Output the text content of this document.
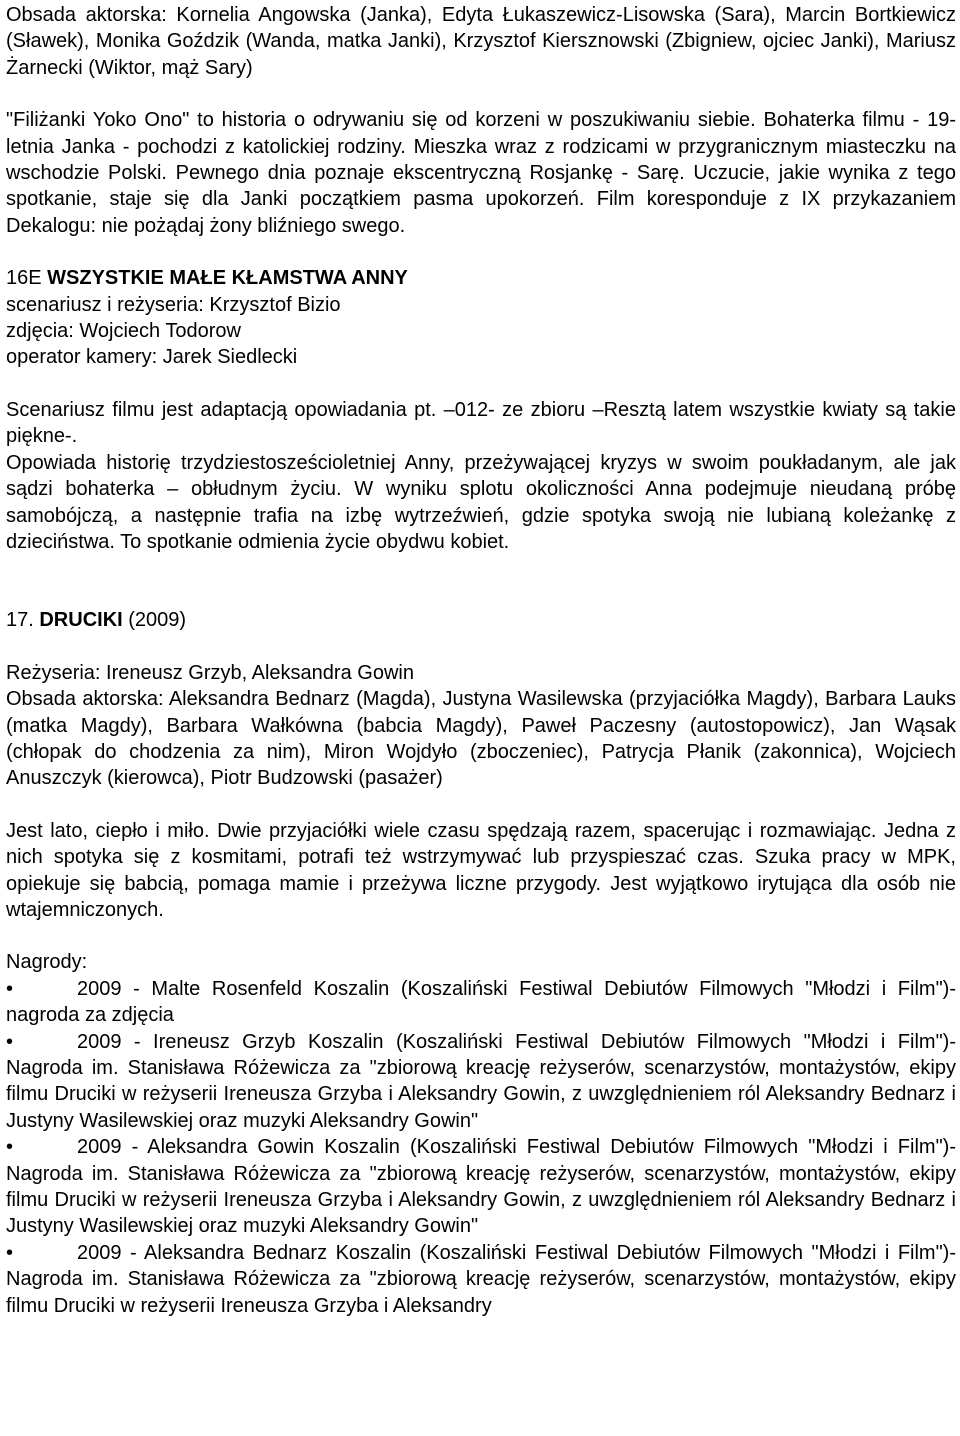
Obsada aktorska: Kornelia Angowska (Janka), Edyta Łukaszewicz-Lisowska (Sara), Marcin Bortkiewicz (Sławek), Monika Goździk (Wanda, matka Janki), Krzysztof Kiersznowski (Zbigniew, ojciec Janki), Mariusz Żarnecki (Wiktor, mąż Sary)

"Filiżanki Yoko Ono" to historia o odrywaniu się od korzeni w poszukiwaniu siebie. Bohaterka filmu - 19-letnia Janka - pochodzi z katolickiej rodziny. Mieszka wraz z rodzicami w przygranicznym miasteczku na wschodzie Polski. Pewnego dnia poznaje ekscentryczną Rosjankę - Sarę. Uczucie, jakie wynika z tego spotkanie, staje się dla Janki początkiem pasma upokorzeń. Film koresponduje z IX przykazaniem Dekalogu: nie pożądaj żony bliźniego swego.

16E WSZYSTKIE MAŁE KŁAMSTWA ANNY

scenariusz i reżyseria: Krzysztof Bizio

zdjęcia: Wojciech Todorow

operator kamery: Jarek Siedlecki

Scenariusz filmu jest adaptacją opowiadania pt. –012- ze zbioru –Resztą latem wszystkie kwiaty są takie piękne-.

Opowiada historię trzydziestosześcioletniej Anny, przeżywającej kryzys w swoim poukładanym, ale jak sądzi bohaterka – obłudnym życiu. W wyniku splotu okoliczności Anna podejmuje nieudaną próbę samobójczą, a następnie trafia na izbę wytrzeźwień, gdzie spotyka swoją nie lubianą koleżankę z dzieciństwa. To spotkanie odmienia życie obydwu kobiet.

17. DRUCIKI (2009)

Reżyseria: Ireneusz Grzyb, Aleksandra Gowin

Obsada aktorska: Aleksandra Bednarz (Magda), Justyna Wasilewska (przyjaciółka Magdy), Barbara Lauks (matka Magdy), Barbara Wałkówna (babcia Magdy), Paweł Paczesny (autostopowicz), Jan Wąsak (chłopak do chodzenia za nim), Miron Wojdyło (zboczeniec), Patrycja Płanik (zakonnica), Wojciech Anuszczyk (kierowca), Piotr Budzowski (pasażer)

Jest lato, ciepło i miło. Dwie przyjaciółki wiele czasu spędzają razem, spacerując i rozmawiając. Jedna z nich spotyka się z kosmitami, potrafi też wstrzymywać lub przyspieszać czas. Szuka pracy w MPK, opiekuje się babcią, pomaga mamie i przeżywa liczne przygody. Jest wyjątkowo irytująca dla osób nie wtajemniczonych.

Nagrody:

•	2009 - Malte Rosenfeld Koszalin (Koszaliński Festiwal Debiutów Filmowych "Młodzi i Film")-nagroda za zdjęcia

•	2009 - Ireneusz Grzyb Koszalin (Koszaliński Festiwal Debiutów Filmowych "Młodzi i Film")-Nagroda im. Stanisława Różewicza za "zbiorową kreację reżyserów, scenarzystów, montażystów, ekipy filmu Druciki w reżyserii Ireneusza Grzyba i Aleksandry Gowin, z uwzględnieniem ról Aleksandry Bednarz i Justyny Wasilewskiej oraz muzyki Aleksandry Gowin"

•	2009 - Aleksandra Gowin Koszalin (Koszaliński Festiwal Debiutów Filmowych "Młodzi i Film")-Nagroda im. Stanisława Różewicza za "zbiorową kreację reżyserów, scenarzystów, montażystów, ekipy filmu Druciki w reżyserii Ireneusza Grzyba i Aleksandry Gowin, z uwzględnieniem ról Aleksandry Bednarz i Justyny Wasilewskiej oraz muzyki Aleksandry Gowin"

•	2009 - Aleksandra Bednarz Koszalin (Koszaliński Festiwal Debiutów Filmowych "Młodzi i Film")-Nagroda im. Stanisława Różewicza za "zbiorową kreację reżyserów, scenarzystów, montażystów, ekipy filmu Druciki w reżyserii Ireneusza Grzyba i Aleksandry
